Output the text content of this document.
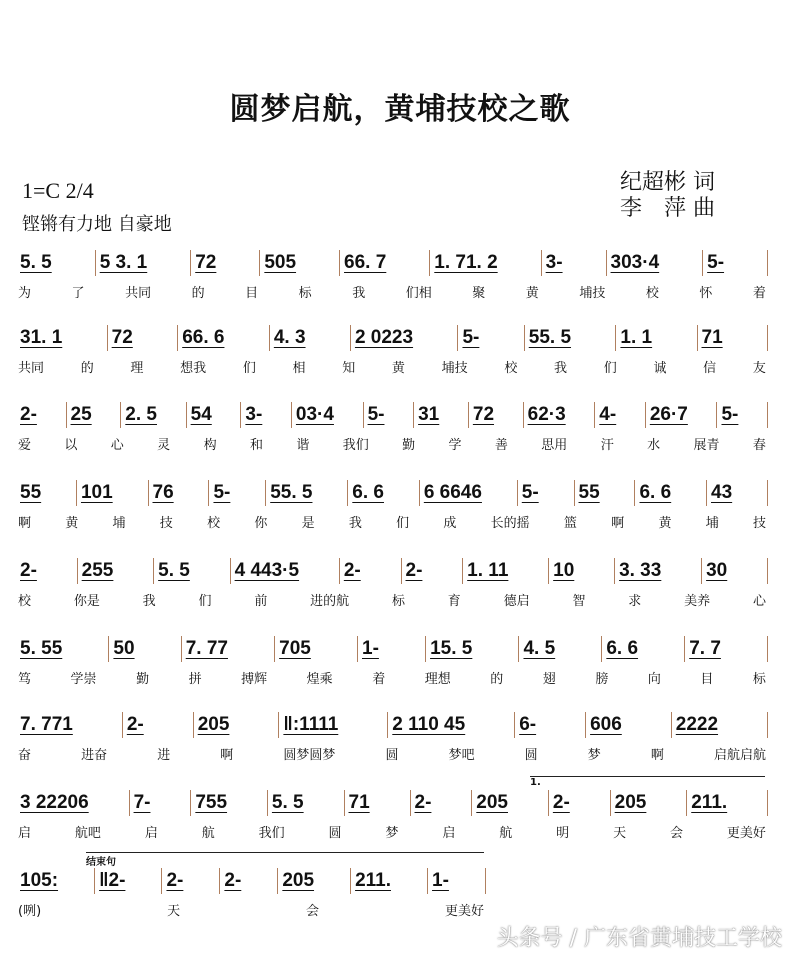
圆梦启航，黄埔技校之歌
1=C 2/4
铿锵有力地 自豪地
纪超彬 词
李　萍 曲
5. 5	5 3. 1	72	505	66. 7	1. 71. 2	3-	303·4	5-
为	了	共同	的	目	标	我	们相	聚	黄	埔技	校	怀	着
31. 1	72	66. 6	4. 3	2 0223	5-	55. 5	1. 1	71
共同	的	理	想我	们	相	知	黄	埔技	校	我	们	诚	信	友
2-	25	2. 5	54	3-	03·4	5-	31	72	62·3	4-	26·7	5-
爱	以	心	灵	构	和	谐	我们	勤	学	善	思用	汗	水	展青	春
55	101	76	5-	55. 5	6. 6	6 6646	5-	55	6. 6	43
啊	黄	埔	技	校	你	是	我	们	成	长的摇	篮	啊	黄	埔	技
2-	255	5. 5	4 443·5	2-	2-	1. 11	10	3. 33	30
校	你是	我	们	前	进的航	标	育	德启	智	求	美养	心
5. 55	50	7. 77	705	1-	15. 5	4. 5	6. 6	7. 7
笃	学崇	勤	拼	搏辉	煌乘	着	理想	的	翅	膀	向	目	标
7. 771	2-	205	‖:1111	2 110 45	6-	606	2222
奋	进奋	进	啊	圆梦圆梦	圆	梦吧	圆	梦	啊	启航启航
3 22206	7-	755	5. 5	71	2-	205	2-	205	211.
启	航吧	启	航	我们	圆	梦	启	航	明	天	会	更美好
105:	‖2-	2-	2-	205	211.	1-
(咧)	天	会	更美好
1.
结束句
头条号 / 广东省黄埔技工学校
